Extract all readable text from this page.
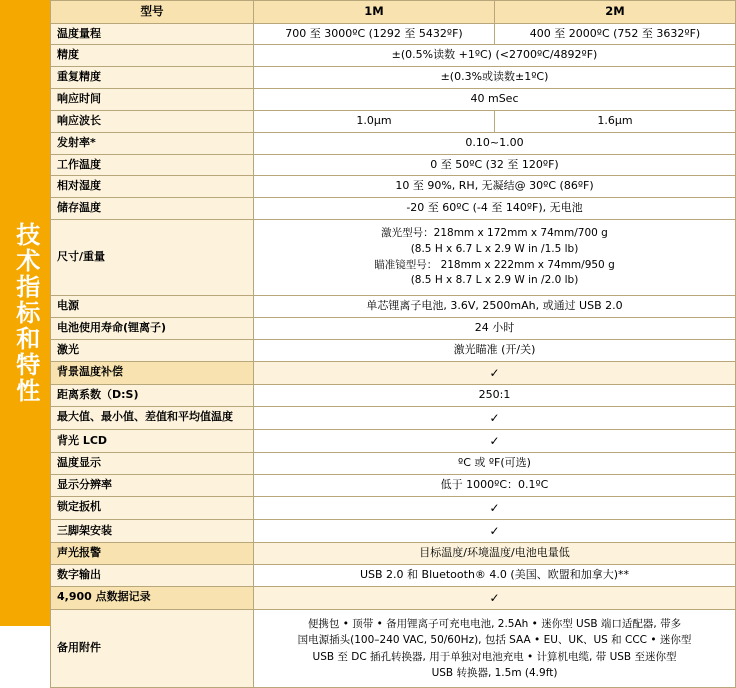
技术指标和特性
型号	1M	2M
温度量程	700 至 3000ºC (1292 至 5432ºF)	400 至 2000ºC (752 至 3632ºF)
精度	±(0.5%读数 +1ºC) (<2700ºC/4892ºF)	
重复精度	±(0.3%或读数±1ºC)	
响应时间	40 mSec	
响应波长	1.0μm	1.6μm
发射率*	0.10~1.00	
工作温度	0 至 50ºC (32 至 120ºF)	
相对湿度	10 至 90%, RH, 无凝结@ 30ºC (86ºF)	
储存温度	-20 至 60ºC (-4 至 140ºF), 无电池	
尺寸/重量	激光型号：218mm x 172mm x 74mm/700 g
(8.5 H x 6.7 L x 2.9 W in /1.5 lb)
瞄准镜型号： 218mm x 222mm x 74mm/950 g
(8.5 H x 8.7 L x 2.9 W in /2.0 lb)	

电源	单芯锂离子电池, 3.6V, 2500mAh, 或通过 USB 2.0	
电池使用寿命(锂离子)	24 小时	
激光	激光瞄准 (开/关)	
背景温度补偿	✓	
距离系数（D:S)	250:1	
最大值、最小值、差值和平均值温度	✓	
背光 LCD	✓	
温度显示	ºC 或 ºF(可选)	
显示分辨率	低于 1000ºC：0.1ºC	
锁定扳机	✓	
三脚架安装	✓	
声光报警	目标温度/环境温度/电池电量低	
数字输出	USB 2.0 和 Bluetooth® 4.0 (美国、欧盟和加拿大)**	
4,900 点数据记录	✓	
备用附件	便携包 • 顶带 • 备用锂离子可充电电池, 2.5Ah • 迷你型 USB 端口适配器, 带多
国电源插头(100–240 VAC, 50/60Hz), 包括 SAA • EU、UK、US 和 CCC • 迷你型
USB 至 DC 插孔转换器, 用于单独对电池充电 • 计算机电缆, 带 USB 至迷你型
USB 转换器, 1.5m (4.9ft)	
